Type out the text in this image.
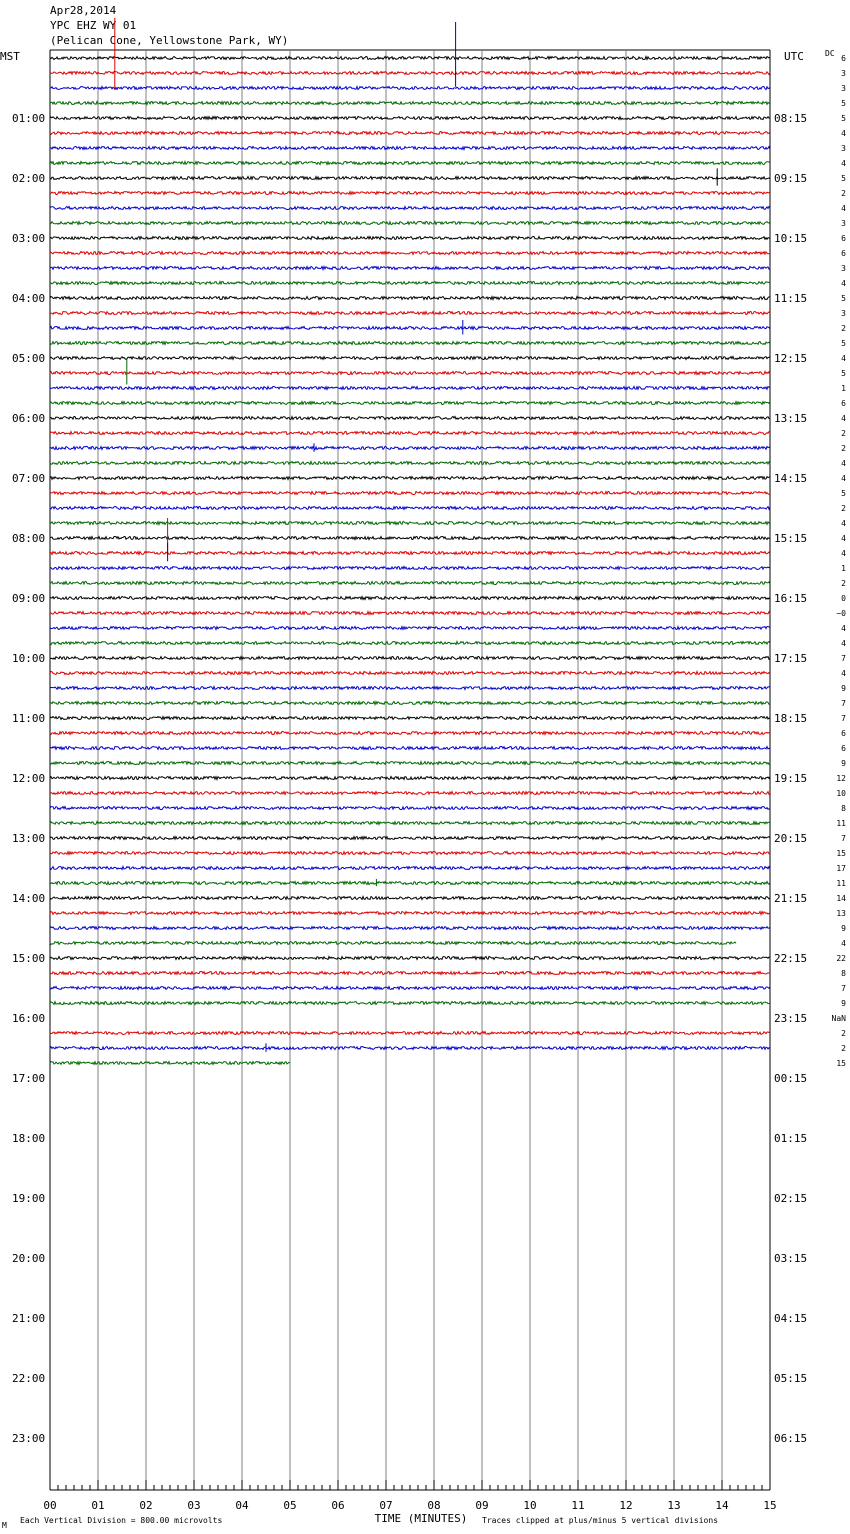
Apr28,2014
YPC EHZ WY 01
(Pelican Cone, Yellowstone Park, WY)
01:00
02:00
03:00
04:00
05:00
06:00
07:00
08:00
09:00
10:00
11:00
12:00
13:00
14:00
15:00
16:00
17:00
18:00
19:00
20:00
21:00
22:00
23:00
08:15
09:15
10:15
11:15
12:15
13:15
14:15
15:15
16:15
17:15
18:15
19:15
20:15
21:15
22:15
23:15
00:15
01:15
02:15
03:15
04:15
05:15
06:15
6
3
3
5
5
4
3
4
5
2
4
3
6
6
3
4
5
3
2
5
4
5
1
6
4
2
2
4
4
5
2
4
4
4
1
2
0
−0
4
4
7
4
9
7
7
6
6
9
12
10
8
11
7
15
17
11
14
13
9
4
22
8
7
9
NaN
2
2
15
00	01	02	03	04	05	06	07	08	09	10	11	12	13	14	15
MST	UTC	DC
TIME (MINUTES)
M
Each Vertical Division = 800.00 microvolts	Traces clipped at plus/minus 5 vertical divisions
